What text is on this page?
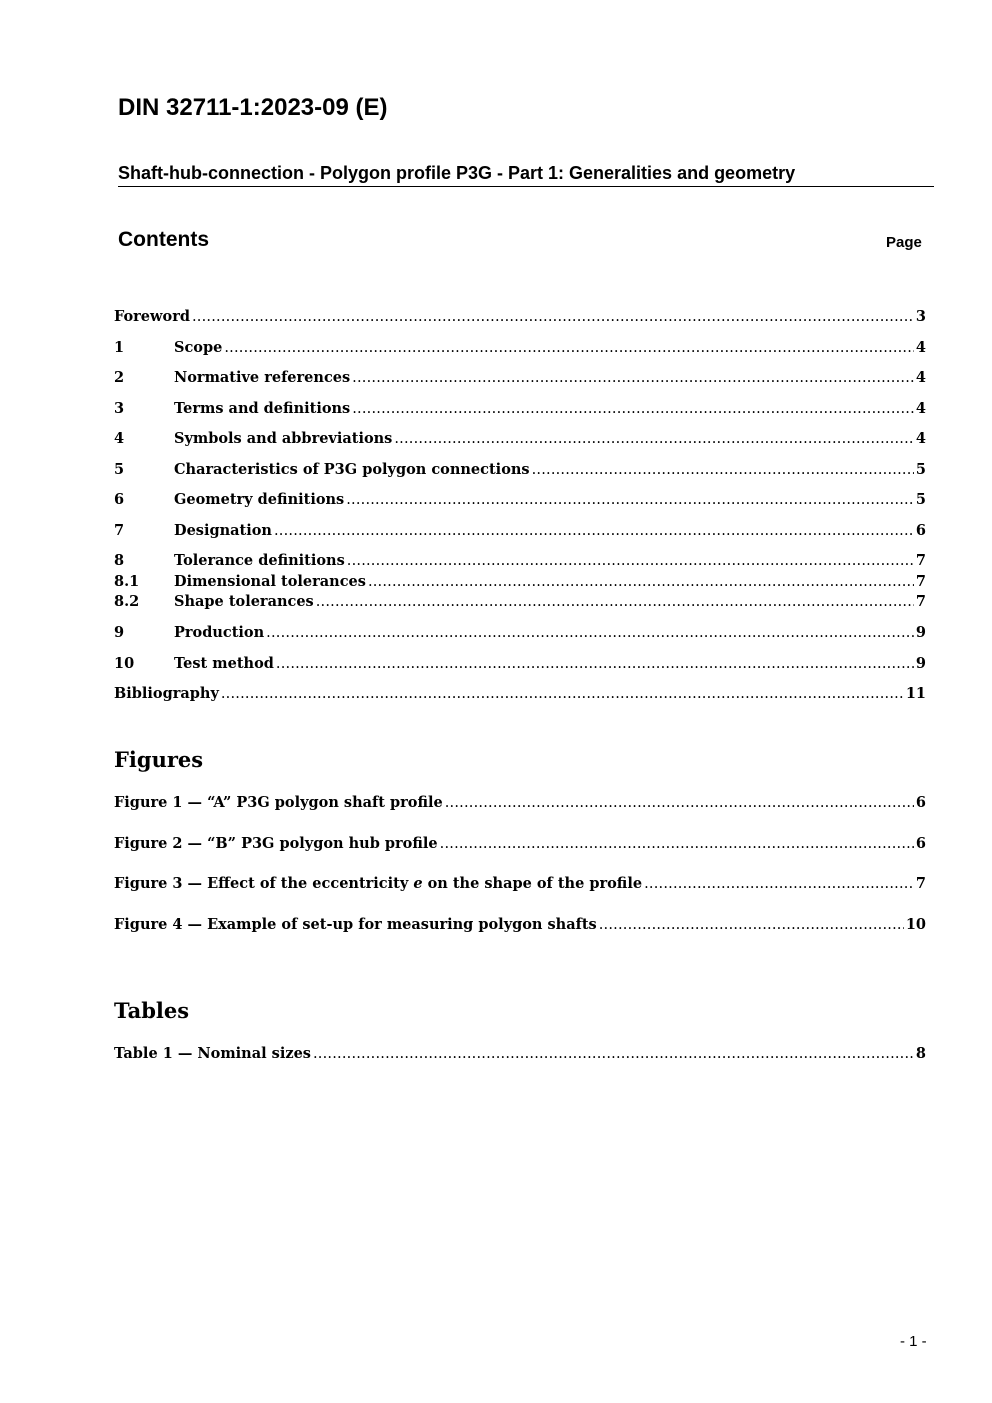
DIN 32711-1:2023-09 (E)
Shaft-hub-connection - Polygon profile P3G - Part 1: Generalities and geometry
Contents	Page
Foreword .....	3
1	Scope .....	4
2	Normative references .....	4
3	Terms and definitions .....	4
4	Symbols and abbreviations .....	4
5	Characteristics of P3G polygon connections .....	5
6	Geometry definitions .....	5
7	Designation .....	6
8	Tolerance definitions .....	7
8.1	Dimensional tolerances .....	7
8.2	Shape tolerances .....	7
9	Production .....	9
10	Test method .....	9
Bibliography .....	11
Figures
Figure 1 — “A” P3G polygon shaft profile .....	6
Figure 2 — “B” P3G polygon hub profile .....	6
Figure 3 — Effect of the eccentricity e on the shape of the profile .....	7
Figure 4 — Example of set-up for measuring polygon shafts .....	10
Tables
Table 1 — Nominal sizes .....	8
- 1 -
